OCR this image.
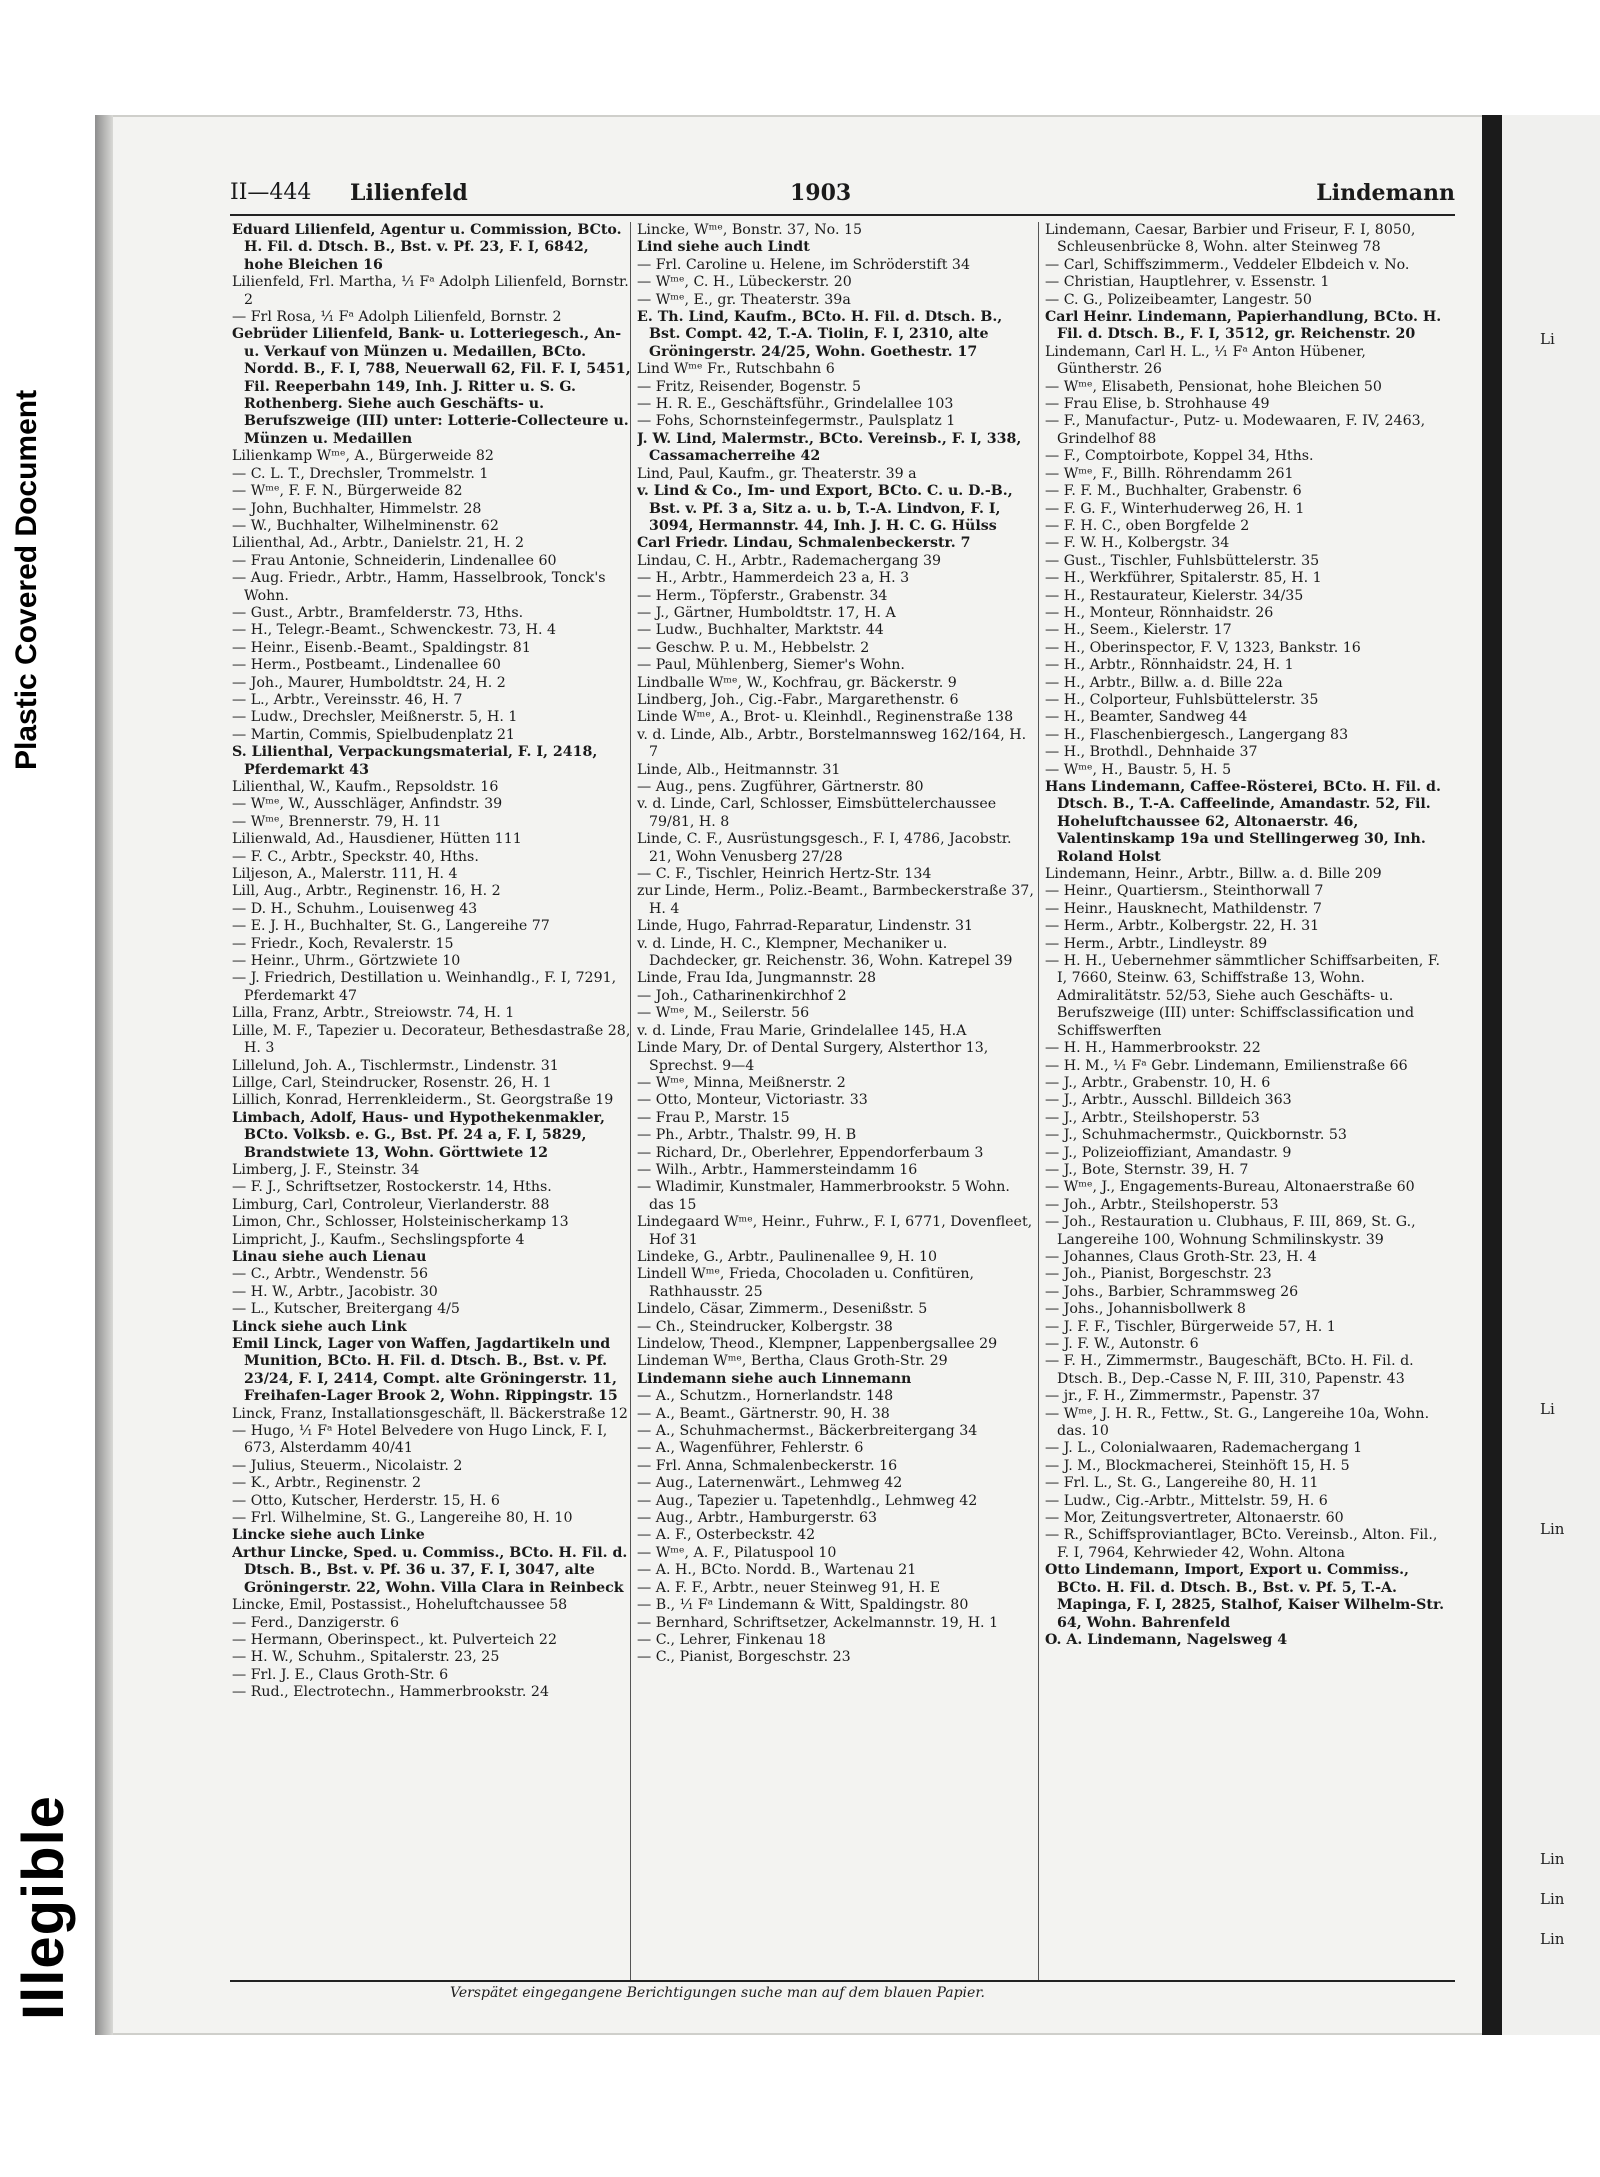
Plastic Covered Document
Illegible
II—444 Lilienfeld	1903	Lindemann

Eduard Lilienfeld, Agentur u. Commission, BCto. H. Fil. d. Dtsch. B., Bst. v. Pf. 23, F. I, 6842, hohe Bleichen 16

Lilienfeld, Frl. Martha, ⅟₁ Fᵃ Adolph Lilienfeld, Bornstr. 2

— Frl Rosa, ⅟₁ Fᵃ Adolph Lilienfeld, Bornstr. 2

Gebrüder Lilienfeld, Bank- u. Lotteriegesch., An- u. Verkauf von Münzen u. Medaillen, BCto. Nordd. B., F. I, 788, Neuerwall 62, Fil. F. I, 5451, Fil. Reeperbahn 149, Inh. J. Ritter u. S. G. Rothenberg. Siehe auch Geschäfts- u. Berufszweige (III) unter: Lotterie-Collecteure u. Münzen u. Medaillen

Lilienkamp Wᵐᵉ, A., Bürgerweide 82

— C. L. T., Drechsler, Trommelstr. 1

— Wᵐᵉ, F. F. N., Bürgerweide 82

— John, Buchhalter, Himmelstr. 28

— W., Buchhalter, Wilhelminenstr. 62

Lilienthal, Ad., Arbtr., Danielstr. 21, H. 2

— Frau Antonie, Schneiderin, Lindenallee 60

— Aug. Friedr., Arbtr., Hamm, Hasselbrook, Tonck's Wohn.

— Gust., Arbtr., Bramfelderstr. 73, Hths.

— H., Telegr.-Beamt., Schwenckestr. 73, H. 4

— Heinr., Eisenb.-Beamt., Spaldingstr. 81

— Herm., Postbeamt., Lindenallee 60

— Joh., Maurer, Humboldtstr. 24, H. 2

— L., Arbtr., Vereinsstr. 46, H. 7

— Ludw., Drechsler, Meißnerstr. 5, H. 1

— Martin, Commis, Spielbudenplatz 21

S. Lilienthal, Verpackungsmaterial, F. I, 2418, Pferdemarkt 43

Lilienthal, W., Kaufm., Repsoldstr. 16

— Wᵐᵉ, W., Ausschläger, Anfindstr. 39

— Wᵐᵉ, Brennerstr. 79, H. 11

Lilienwald, Ad., Hausdiener, Hütten 111

— F. C., Arbtr., Speckstr. 40, Hths.

Liljeson, A., Malerstr. 111, H. 4

Lill, Aug., Arbtr., Reginenstr. 16, H. 2

— D. H., Schuhm., Louisenweg 43

— E. J. H., Buchhalter, St. G., Langereihe 77

— Friedr., Koch, Revalerstr. 15

— Heinr., Uhrm., Görtzwiete 10

— J. Friedrich, Destillation u. Weinhandlg., F. I, 7291, Pferdemarkt 47

Lilla, Franz, Arbtr., Streiowstr. 74, H. 1

Lille, M. F., Tapezier u. Decorateur, Bethesdastraße 28, H. 3

Lillelund, Joh. A., Tischlermstr., Lindenstr. 31

Lillge, Carl, Steindrucker, Rosenstr. 26, H. 1

Lillich, Konrad, Herrenkleiderm., St. Georgstraße 19

Limbach, Adolf, Haus- und Hypothekenmakler, BCto. Volksb. e. G., Bst. Pf. 24 a, F. I, 5829, Brandstwiete 13, Wohn. Görttwiete 12

Limberg, J. F., Steinstr. 34

— F. J., Schriftsetzer, Rostockerstr. 14, Hths.

Limburg, Carl, Controleur, Vierlanderstr. 88

Limon, Chr., Schlosser, Holsteinischerkamp 13

Limpricht, J., Kaufm., Sechslingspforte 4

Linau siehe auch Lienau

— C., Arbtr., Wendenstr. 56

— H. W., Arbtr., Jacobistr. 30

— L., Kutscher, Breitergang 4/5

Linck siehe auch Link

Emil Linck, Lager von Waffen, Jagdartikeln und Munition, BCto. H. Fil. d. Dtsch. B., Bst. v. Pf. 23/24, F. I, 2414, Compt. alte Gröningerstr. 11, Freihafen-Lager Brook 2, Wohn. Rippingstr. 15

Linck, Franz, Installationsgeschäft, ll. Bäckerstraße 12

— Hugo, ⅟₁ Fᵃ Hotel Belvedere von Hugo Linck, F. I, 673, Alsterdamm 40/41

— Julius, Steuerm., Nicolaistr. 2

— K., Arbtr., Reginenstr. 2

— Otto, Kutscher, Herderstr. 15, H. 6

— Frl. Wilhelmine, St. G., Langereihe 80, H. 10

Lincke siehe auch Linke

Arthur Lincke, Sped. u. Commiss., BCto. H. Fil. d. Dtsch. B., Bst. v. Pf. 36 u. 37, F. I, 3047, alte Gröningerstr. 22, Wohn. Villa Clara in Reinbeck

Lincke, Emil, Postassist., Hoheluftchaussee 58

— Ferd., Danzigerstr. 6

— Hermann, Oberinspect., kt. Pulverteich 22

— H. W., Schuhm., Spitalerstr. 23, 25

— Frl. J. E., Claus Groth-Str. 6

— Rud., Electrotechn., Hammerbrookstr. 24

Lincke, Wᵐᵉ, Bonstr. 37, No. 15

Lind siehe auch Lindt

— Frl. Caroline u. Helene, im Schröderstift 34

— Wᵐᵉ, C. H., Lübeckerstr. 20

— Wᵐᵉ, E., gr. Theaterstr. 39a

E. Th. Lind, Kaufm., BCto. H. Fil. d. Dtsch. B., Bst. Compt. 42, T.-A. Tiolin, F. I, 2310, alte Gröningerstr. 24/25, Wohn. Goethestr. 17

Lind Wᵐᵉ Fr., Rutschbahn 6

— Fritz, Reisender, Bogenstr. 5

— H. R. E., Geschäftsführ., Grindelallee 103

— Fohs, Schornsteinfegermstr., Paulsplatz 1

J. W. Lind, Malermstr., BCto. Vereinsb., F. I, 338, Cassamacherreihe 42

Lind, Paul, Kaufm., gr. Theaterstr. 39 a

v. Lind & Co., Im- und Export, BCto. C. u. D.-B., Bst. v. Pf. 3 a, Sitz a. u. b, T.-A. Lindvon, F. I, 3094, Hermannstr. 44, Inh. J. H. C. G. Hülss

Carl Friedr. Lindau, Schmalenbeckerstr. 7

Lindau, C. H., Arbtr., Rademachergang 39

— H., Arbtr., Hammerdeich 23 a, H. 3

— Herm., Töpferstr., Grabenstr. 34

— J., Gärtner, Humboldtstr. 17, H. A

— Ludw., Buchhalter, Marktstr. 44

— Geschw. P. u. M., Hebbelstr. 2

— Paul, Mühlenberg, Siemer's Wohn.

Lindballe Wᵐᵉ, W., Kochfrau, gr. Bäckerstr. 9

Lindberg, Joh., Cig.-Fabr., Margarethenstr. 6

Linde Wᵐᵉ, A., Brot- u. Kleinhdl., Reginenstraße 138

v. d. Linde, Alb., Arbtr., Borstelmannsweg 162/164, H. 7

Linde, Alb., Heitmannstr. 31

— Aug., pens. Zugführer, Gärtnerstr. 80

v. d. Linde, Carl, Schlosser, Eimsbüttelerchaussee 79/81, H. 8

Linde, C. F., Ausrüstungsgesch., F. I, 4786, Jacobstr. 21, Wohn Venusberg 27/28

— C. F., Tischler, Heinrich Hertz-Str. 134

zur Linde, Herm., Poliz.-Beamt., Barmbeckerstraße 37, H. 4

Linde, Hugo, Fahrrad-Reparatur, Lindenstr. 31

v. d. Linde, H. C., Klempner, Mechaniker u. Dachdecker, gr. Reichenstr. 36, Wohn. Katrepel 39

Linde, Frau Ida, Jungmannstr. 28

— Joh., Catharinenkirchhof 2

— Wᵐᵉ, M., Seilerstr. 56

v. d. Linde, Frau Marie, Grindelallee 145, H.A

Linde Mary, Dr. of Dental Surgery, Alsterthor 13, Sprechst. 9—4

— Wᵐᵉ, Minna, Meißnerstr. 2

— Otto, Monteur, Victoriastr. 33

— Frau P., Marstr. 15

— Ph., Arbtr., Thalstr. 99, H. B

— Richard, Dr., Oberlehrer, Eppendorferbaum 3

— Wilh., Arbtr., Hammersteindamm 16

— Wladimir, Kunstmaler, Hammerbrookstr. 5 Wohn. das 15

Lindegaard Wᵐᵉ, Heinr., Fuhrw., F. I, 6771, Dovenfleet, Hof 31

Lindeke, G., Arbtr., Paulinenallee 9, H. 10

Lindell Wᵐᵉ, Frieda, Chocoladen u. Confitüren, Rathhausstr. 25

Lindelo, Cäsar, Zimmerm., Desenißstr. 5

— Ch., Steindrucker, Kolbergstr. 38

Lindelow, Theod., Klempner, Lappenbergsallee 29

Lindeman Wᵐᵉ, Bertha, Claus Groth-Str. 29

Lindemann siehe auch Linnemann

— A., Schutzm., Hornerlandstr. 148

— A., Beamt., Gärtnerstr. 90, H. 38

— A., Schuhmachermst., Bäckerbreitergang 34

— A., Wagenführer, Fehlerstr. 6

— Frl. Anna, Schmalenbeckerstr. 16

— Aug., Laternenwärt., Lehmweg 42

— Aug., Tapezier u. Tapetenhdlg., Lehmweg 42

— Aug., Arbtr., Hamburgerstr. 63

— A. F., Osterbeckstr. 42

— Wᵐᵉ, A. F., Pilatuspool 10

— A. H., BCto. Nordd. B., Wartenau 21

— A. F. F., Arbtr., neuer Steinweg 91, H. E

— B., ⅟₁ Fᵃ Lindemann & Witt, Spaldingstr. 80

— Bernhard, Schriftsetzer, Ackelmannstr. 19, H. 1

— C., Lehrer, Finkenau 18

— C., Pianist, Borgeschstr. 23

Lindemann, Caesar, Barbier und Friseur, F. I, 8050, Schleusenbrücke 8, Wohn. alter Steinweg 78

— Carl, Schiffszimmerm., Veddeler Elbdeich v. No.

— Christian, Hauptlehrer, v. Essenstr. 1

— C. G., Polizeibeamter, Langestr. 50

Carl Heinr. Lindemann, Papierhandlung, BCto. H. Fil. d. Dtsch. B., F. I, 3512, gr. Reichenstr. 20

Lindemann, Carl H. L., ⅟₁ Fᵃ Anton Hübener, Güntherstr. 26

— Wᵐᵉ, Elisabeth, Pensionat, hohe Bleichen 50

— Frau Elise, b. Strohhause 49

— F., Manufactur-, Putz- u. Modewaaren, F. IV, 2463, Grindelhof 88

— F., Comptoirbote, Koppel 34, Hths.

— Wᵐᵉ, F., Billh. Röhrendamm 261

— F. F. M., Buchhalter, Grabenstr. 6

— F. G. F., Winterhuderweg 26, H. 1

— F. H. C., oben Borgfelde 2

— F. W. H., Kolbergstr. 34

— Gust., Tischler, Fuhlsbüttelerstr. 35

— H., Werkführer, Spitalerstr. 85, H. 1

— H., Restaurateur, Kielerstr. 34/35

— H., Monteur, Rönnhaidstr. 26

— H., Seem., Kielerstr. 17

— H., Oberinspector, F. V, 1323, Bankstr. 16

— H., Arbtr., Rönnhaidstr. 24, H. 1

— H., Arbtr., Billw. a. d. Bille 22a

— H., Colporteur, Fuhlsbüttelerstr. 35

— H., Beamter, Sandweg 44

— H., Flaschenbiergesch., Langergang 83

— H., Brothdl., Dehnhaide 37

— Wᵐᵉ, H., Baustr. 5, H. 5

Hans Lindemann, Caffee-Rösterei, BCto. H. Fil. d. Dtsch. B., T.-A. Caffeelinde, Amandastr. 52, Fil. Hoheluftchaussee 62, Altonaerstr. 46, Valentinskamp 19a und Stellingerweg 30, Inh. Roland Holst

Lindemann, Heinr., Arbtr., Billw. a. d. Bille 209

— Heinr., Quartiersm., Steinthorwall 7

— Heinr., Hausknecht, Mathildenstr. 7

— Herm., Arbtr., Kolbergstr. 22, H. 31

— Herm., Arbtr., Lindleystr. 89

— H. H., Uebernehmer sämmtlicher Schiffsarbeiten, F. I, 7660, Steinw. 63, Schiffstraße 13, Wohn. Admiralitätstr. 52/53, Siehe auch Geschäfts- u. Berufszweige (III) unter: Schiffsclassification und Schiffswerften

— H. H., Hammerbrookstr. 22

— H. M., ⅟₁ Fᵃ Gebr. Lindemann, Emilienstraße 66

— J., Arbtr., Grabenstr. 10, H. 6

— J., Arbtr., Ausschl. Billdeich 363

— J., Arbtr., Steilshoperstr. 53

— J., Schuhmachermstr., Quickbornstr. 53

— J., Polizeioffiziant, Amandastr. 9

— J., Bote, Sternstr. 39, H. 7

— Wᵐᵉ, J., Engagements-Bureau, Altonaerstraße 60

— Joh., Arbtr., Steilshoperstr. 53

— Joh., Restauration u. Clubhaus, F. III, 869, St. G., Langereihe 100, Wohnung Schmilinskystr. 39

— Johannes, Claus Groth-Str. 23, H. 4

— Joh., Pianist, Borgeschstr. 23

— Johs., Barbier, Schrammsweg 26

— Johs., Johannisbollwerk 8

— J. F. F., Tischler, Bürgerweide 57, H. 1

— J. F. W., Autonstr. 6

— F. H., Zimmermstr., Baugeschäft, BCto. H. Fil. d. Dtsch. B., Dep.-Casse N, F. III, 310, Papenstr. 43

— jr., F. H., Zimmermstr., Papenstr. 37

— Wᵐᵉ, J. H. R., Fettw., St. G., Langereihe 10a, Wohn. das. 10

— J. L., Colonialwaaren, Rademachergang 1

— J. M., Blockmacherei, Steinhöft 15, H. 5

— Frl. L., St. G., Langereihe 80, H. 11

— Ludw., Cig.-Arbtr., Mittelstr. 59, H. 6

— Mor, Zeitungsvertreter, Altonaerstr. 60

— R., Schiffsproviantlager, BCto. Vereinsb., Alton. Fil., F. I, 7964, Kehrwieder 42, Wohn. Altona

Otto Lindemann, Import, Export u. Commiss., BCto. H. Fil. d. Dtsch. B., Bst. v. Pf. 5, T.-A. Mapinga, F. I, 2825, Stalhof, Kaiser Wilhelm-Str. 64, Wohn. Bahrenfeld

O. A. Lindemann, Nagelsweg 4

Verspätet eingegangene Berichtigungen suche man auf dem blauen Papier.
Li
Li
Lin
Lin
Lin
Lin
